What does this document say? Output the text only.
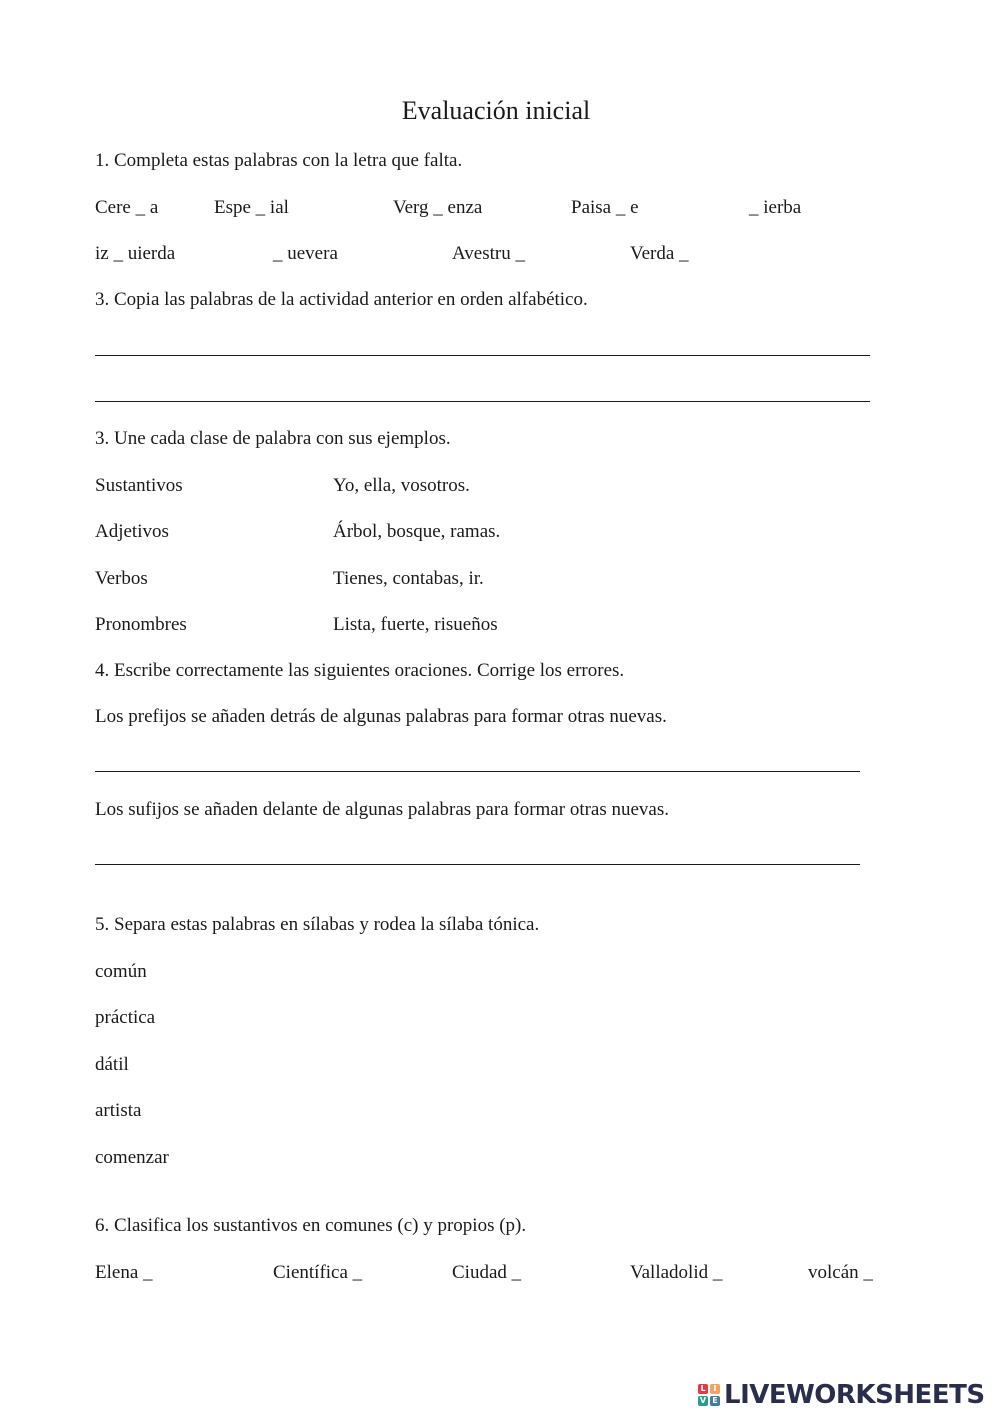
Evaluación inicial
1. Completa estas palabras con la letra que falta.
Cere _ a	Espe _ ial	Verg _ enza	Paisa _ e	_ ierba
iz _ uierda	_ uevera	Avestru _	Verda _
3. Copia las palabras de la actividad anterior en orden alfabético.
3. Une cada clase de palabra con sus ejemplos.
Sustantivos	Yo, ella, vosotros.
Adjetivos	Árbol, bosque, ramas.
Verbos	Tienes, contabas, ir.
Pronombres	Lista, fuerte, risueños
4. Escribe correctamente las siguientes oraciones. Corrige los errores.
Los prefijos se añaden detrás de algunas palabras para formar otras nuevas.
Los sufijos se añaden delante de algunas palabras para formar otras nuevas.
5. Separa estas palabras en sílabas y rodea la sílaba tónica.
común
práctica
dátil
artista
comenzar
6. Clasifica los sustantivos en comunes (c) y propios (p).
Elena _	Científica _	Ciudad _	Valladolid _	volcán _
L I
V E LIVEWORKSHEETS
